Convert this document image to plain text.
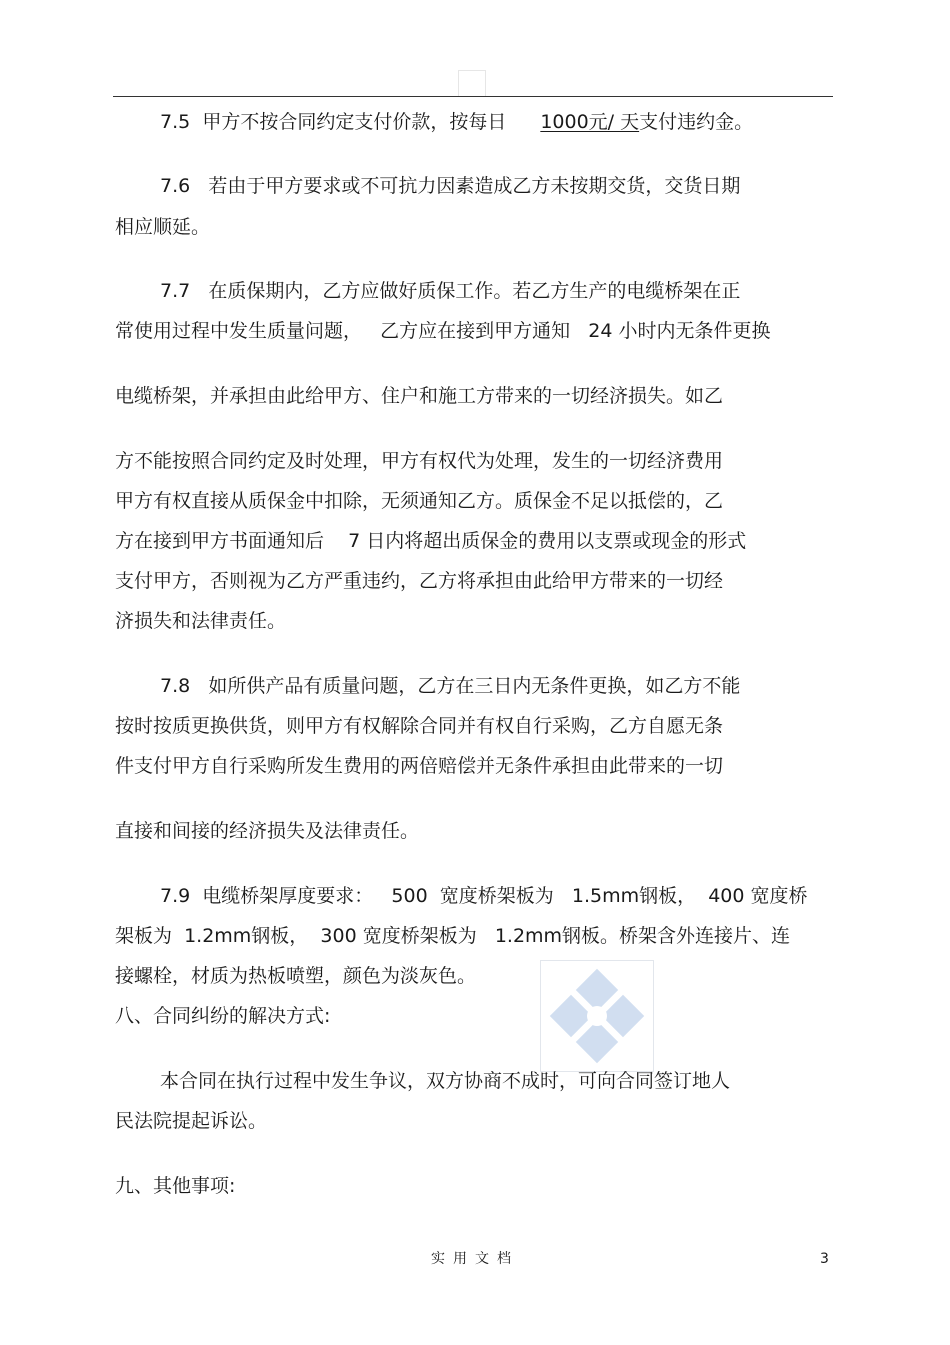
7.5 甲方不按合同约定支付价款，按每日 1000元/ 天支付违约金。
7.6   若由于甲方要求或不可抗力因素造成乙方未按期交货，交货日期
相应顺延。
7.7   在质保期内，乙方应做好质保工作。若乙方生产的电缆桥架在正
常使用过程中发生质量问题，   乙方应在接到甲方通知   24 小时内无条件更换
电缆桥架，并承担由此给甲方、住户和施工方带来的一切经济损失。如乙
方不能按照合同约定及时处理，甲方有权代为处理，发生的一切经济费用
甲方有权直接从质保金中扣除，无须通知乙方。质保金不足以抵偿的，乙
方在接到甲方书面通知后    7 日内将超出质保金的费用以支票或现金的形式
支付甲方，否则视为乙方严重违约，乙方将承担由此给甲方带来的一切经
济损失和法律责任。
7.8   如所供产品有质量问题，乙方在三日内无条件更换，如乙方不能
按时按质更换供货，则甲方有权解除合同并有权自行采购，乙方自愿无条
件支付甲方自行采购所发生费用的两倍赔偿并无条件承担由此带来的一切
直接和间接的经济损失及法律责任。
7.9  电缆桥架厚度要求：   500  宽度桥架板为   1.5mm钢板，  400 宽度桥
架板为  1.2mm钢板，  300 宽度桥架板为   1.2mm钢板。桥架含外连接片、连
接螺栓，材质为热板喷塑，颜色为淡灰色。
八、合同纠纷的解决方式:
本合同在执行过程中发生争议，双方协商不成时，可向合同签订地人
民法院提起诉讼。
九、其他事项:
实用文档	3
